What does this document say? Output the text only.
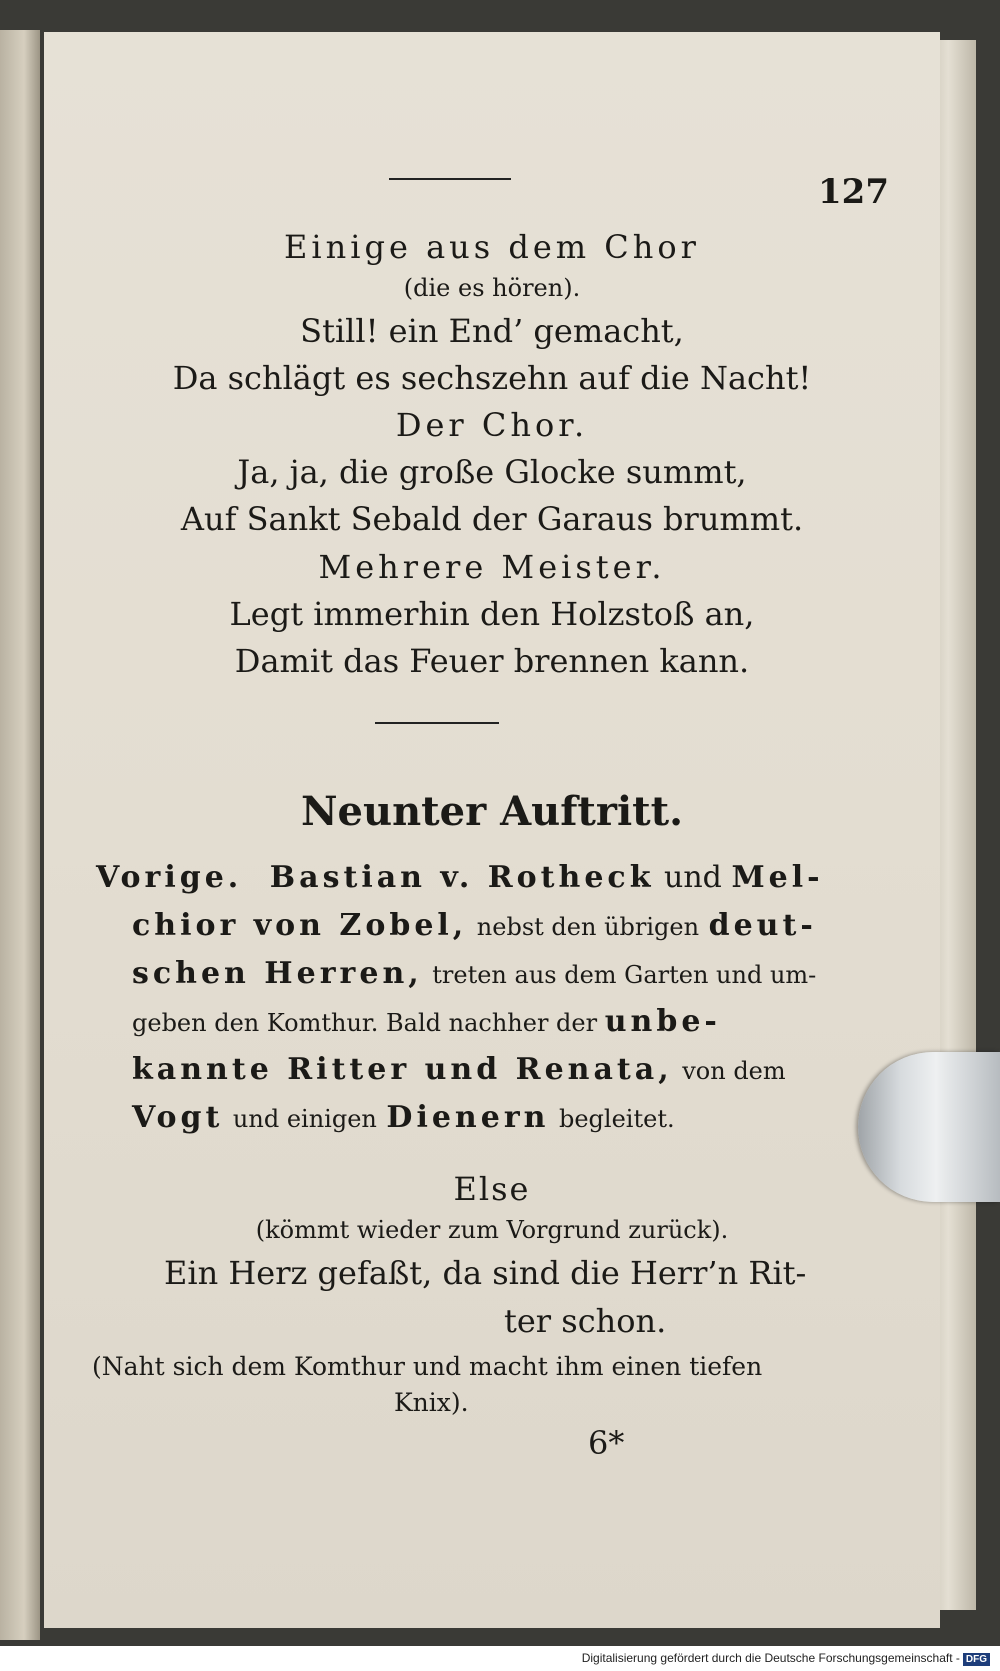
127
Einige aus dem Chor
(die es hören).
Still! ein End’ gemacht,
Da schlägt es sechszehn auf die Nacht!
Der Chor.
Ja, ja, die große Glocke summt,
Auf Sankt Sebald der Garaus brummt.
Mehrere Meister.
Legt immerhin den Holzstoß an,
Damit das Feuer brennen kann.
Neunter Auftritt.
Vorige. Bastian v. Rotheck und Mel-
chior von Zobel, nebst den übrigen deut-
schen Herren, treten aus dem Garten und um-
geben den Komthur. Bald nachher der unbe-
kannte Ritter und Renata, von dem
Vogt und einigen Dienern begleitet.
Else
(kömmt wieder zum Vorgrund zurück).
Ein Herz gefaßt, da sind die Herr’n Rit-
ter schon.
(Naht sich dem Komthur und macht ihm einen tiefen
Knix).
6*
Digitalisierung gefördert durch die Deutsche Forschungsgemeinschaft - DFG
